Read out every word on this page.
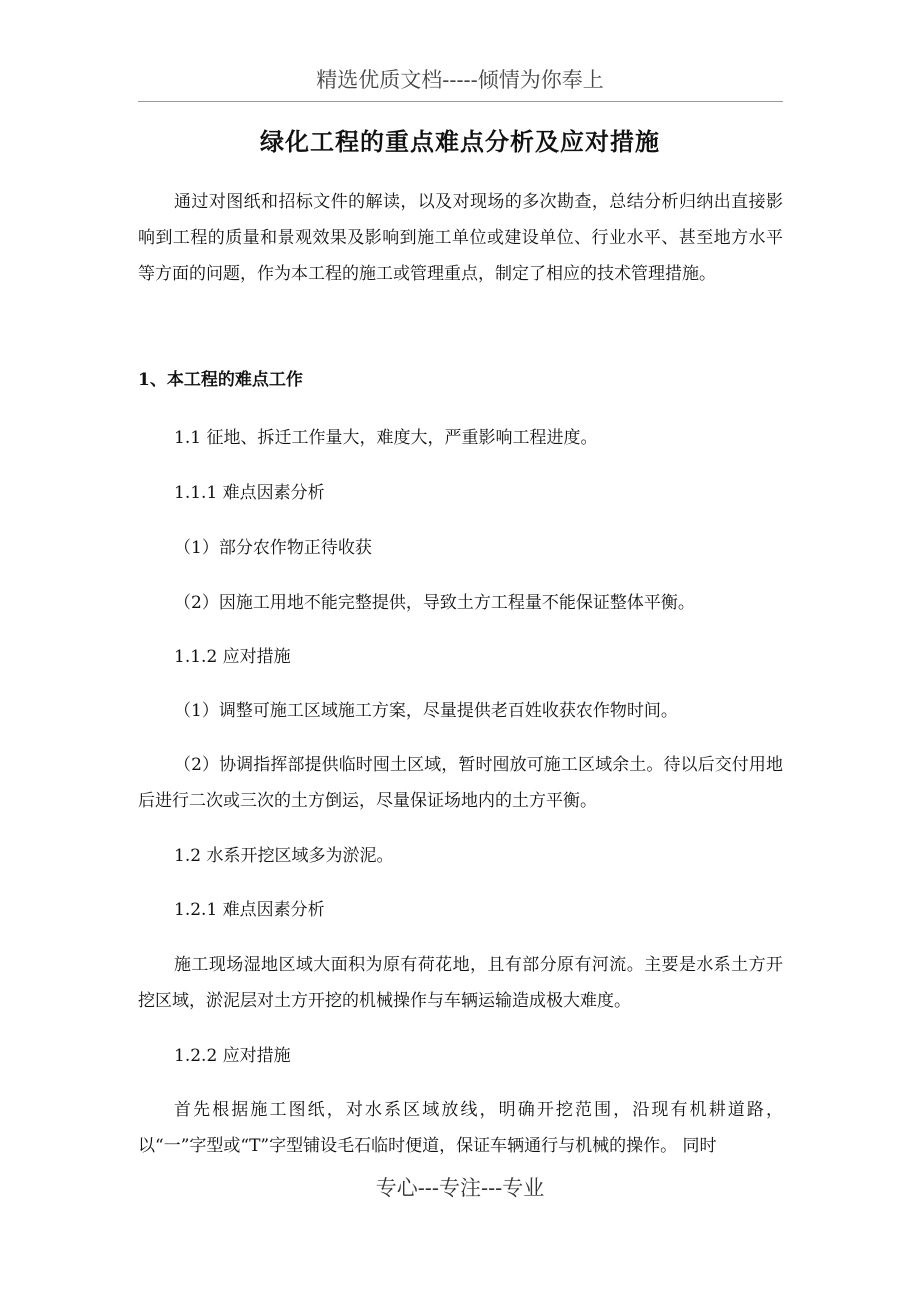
精选优质文档-----倾情为你奉上
绿化工程的重点难点分析及应对措施

通过对图纸和招标文件的解读，以及对现场的多次勘查，总结分析归纳出直接影响到工程的质量和景观效果及影响到施工单位或建设单位、行业水平、甚至地方水平等方面的问题，作为本工程的施工或管理重点，制定了相应的技术管理措施。

1、本工程的难点工作

1.1 征地、拆迁工作量大，难度大，严重影响工程进度。

1.1.1 难点因素分析

（1）部分农作物正待收获

（2）因施工用地不能完整提供，导致土方工程量不能保证整体平衡。

1.1.2 应对措施

（1）调整可施工区域施工方案，尽量提供老百姓收获农作物时间。

（2）协调指挥部提供临时囤土区域，暂时囤放可施工区域余土。待以后交付用地后进行二次或三次的土方倒运，尽量保证场地内的土方平衡。

1.2 水系开挖区域多为淤泥。

1.2.1 难点因素分析

施工现场湿地区域大面积为原有荷花地，且有部分原有河流。主要是水系土方开挖区域，淤泥层对土方开挖的机械操作与车辆运输造成极大难度。

1.2.2 应对措施

首先根据施工图纸，对水系区域放线，明确开挖范围，沿现有机耕道路，以“一”字型或“T”字型铺设毛石临时便道，保证车辆通行与机械的操作。 同时

专心---专注---专业
